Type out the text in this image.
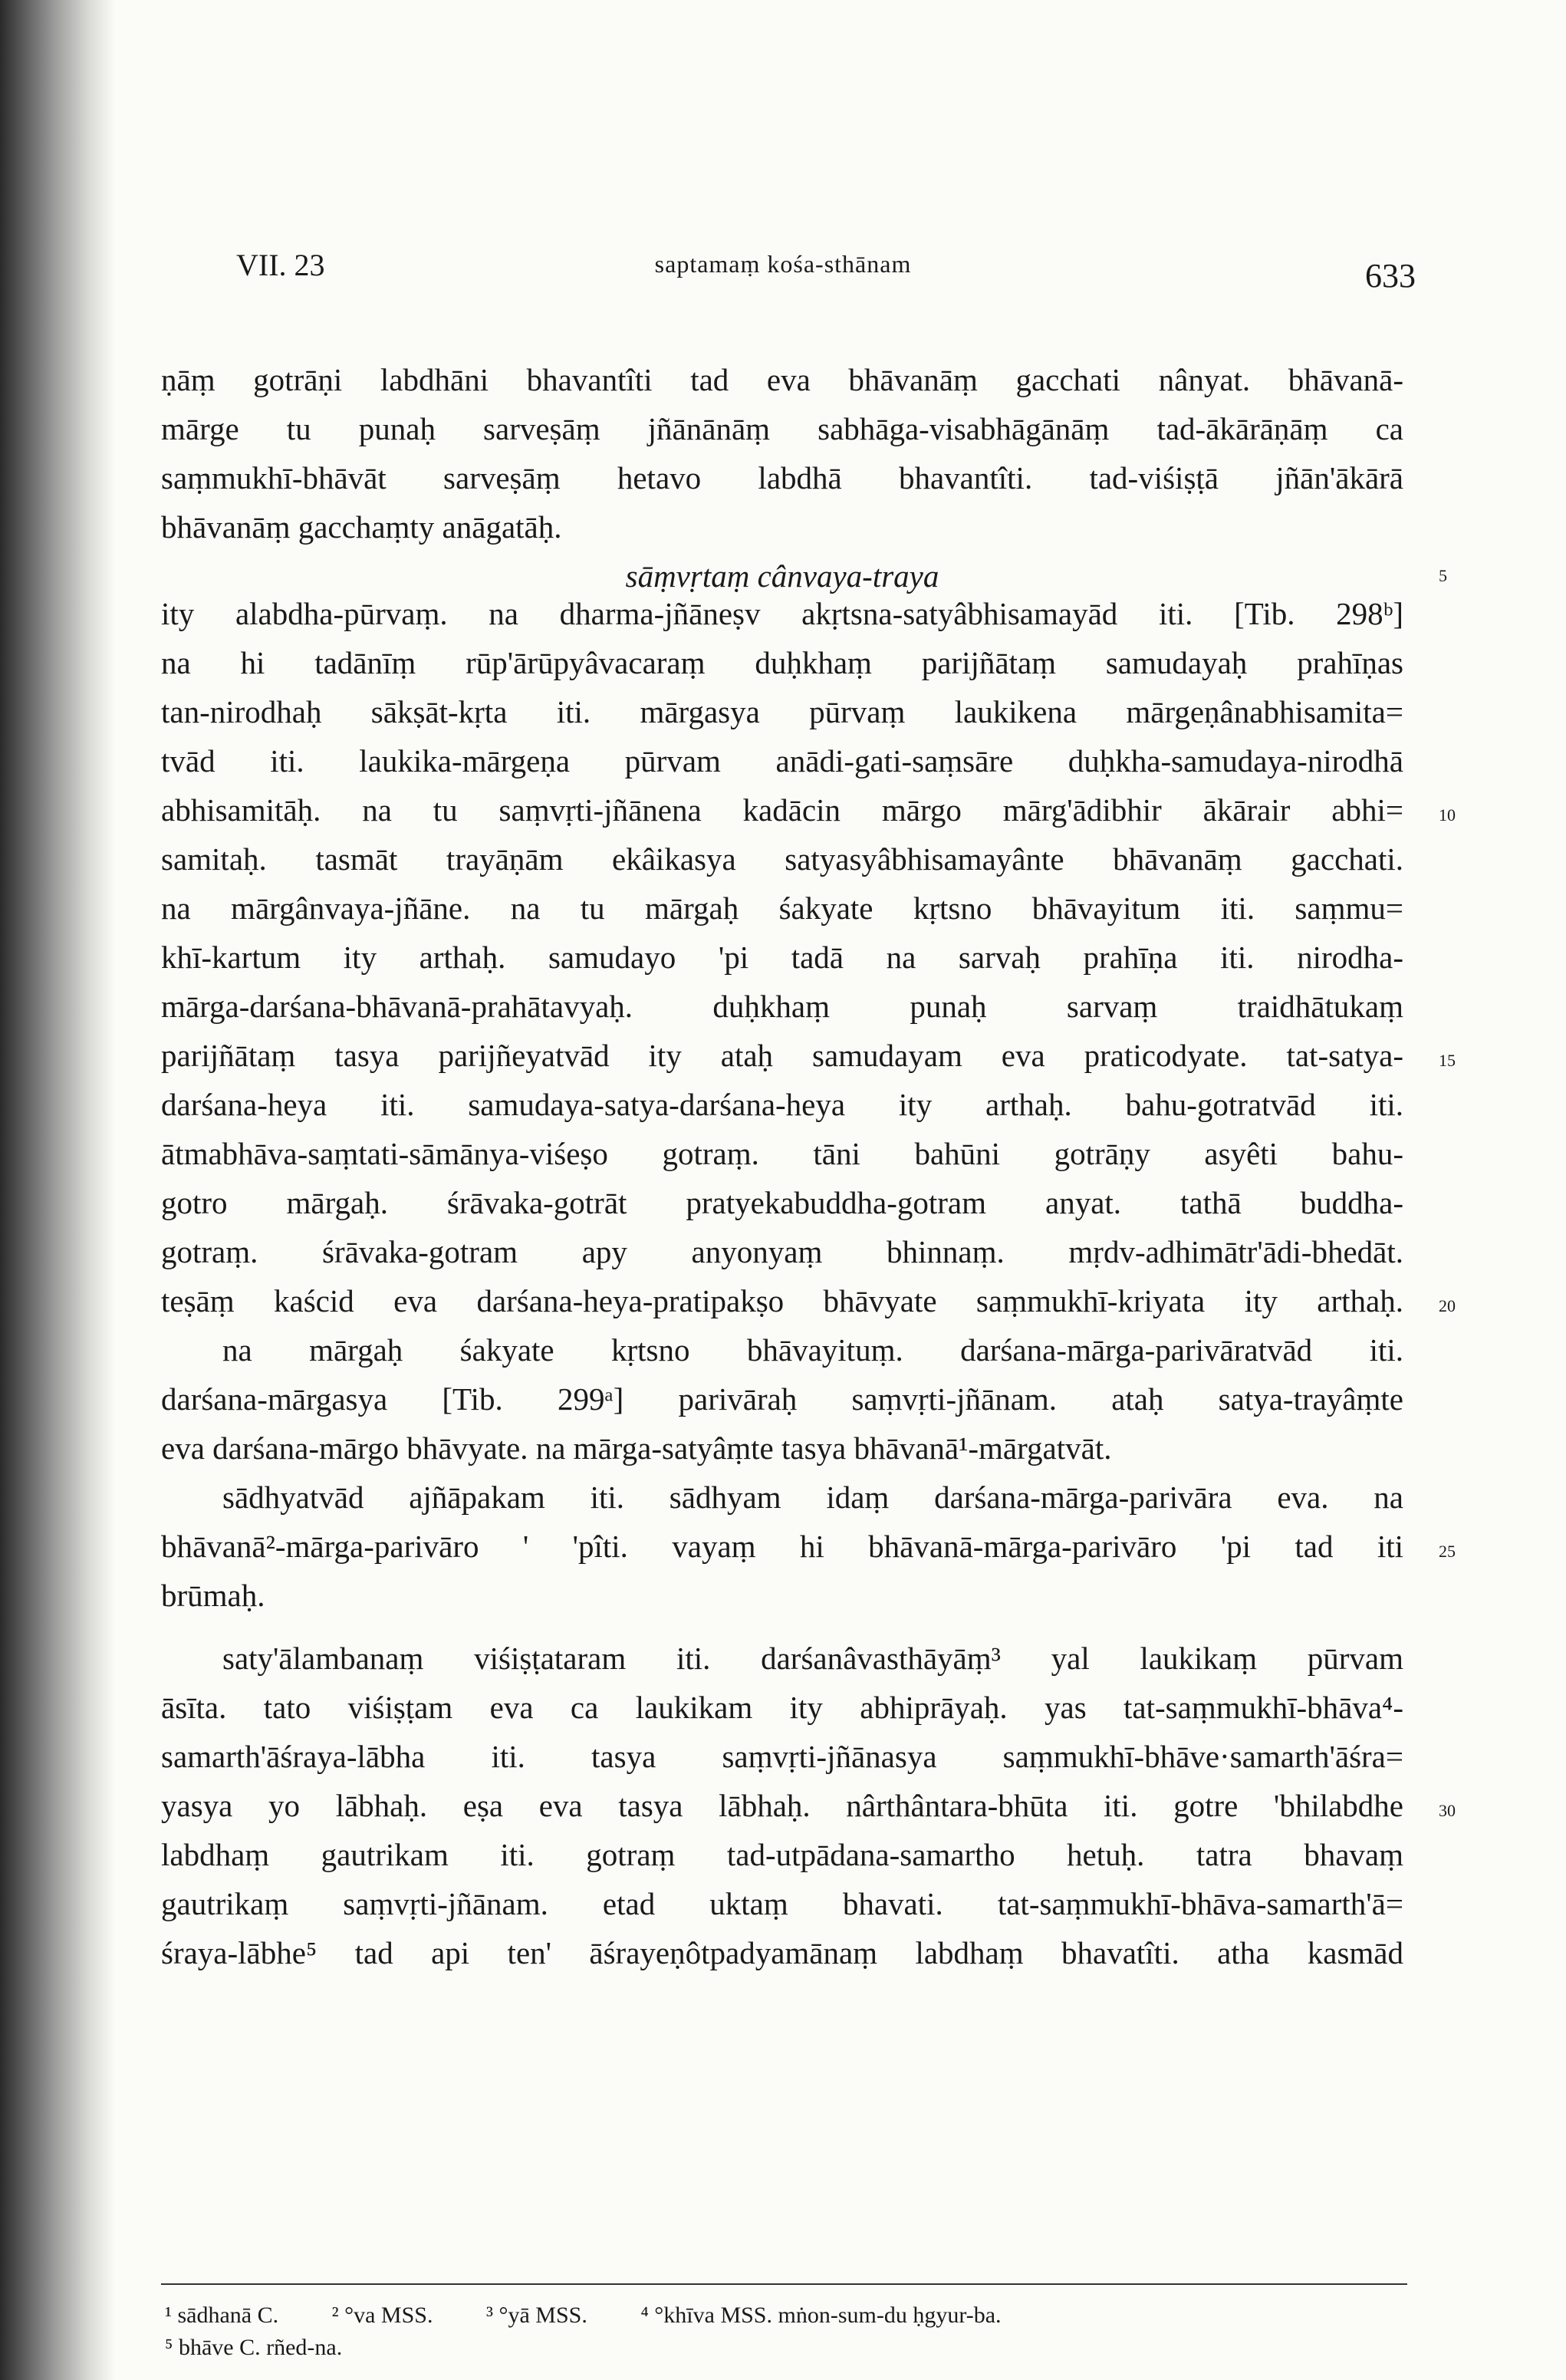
VII. 23	saptamaṃ kośa-sthānam	633
ṇāṃ gotrāṇi labdhāni bhavantîti tad eva bhāvanāṃ gacchati nânyat. bhāvanā-
mārge tu punaḥ sarveṣāṃ jñānānāṃ sabhāga-visabhāgānāṃ tad-ākārāṇāṃ ca
saṃmukhī-bhāvāt sarveṣāṃ hetavo labdhā bhavantîti. tad-viśiṣṭā jñān'ākārā
bhāvanāṃ gacchaṃty anāgatāḥ.
sāṃvṛtaṃ cânvaya-traya
ity alabdha-pūrvaṃ. na dharma-jñāneṣv akṛtsna-satyâbhisamayād iti. [Tib. 298ᵇ]
na hi tadānīṃ rūp'ārūpyâvacaraṃ duḥkhaṃ parijñātaṃ samudayaḥ prahīṇas
tan-nirodhaḥ sākṣāt-kṛta iti. mārgasya pūrvaṃ laukikena mārgeṇânabhisamita=
tvād iti. laukika-mārgeṇa pūrvam anādi-gati-saṃsāre duḥkha-samudaya-nirodhā
abhisamitāḥ. na tu saṃvṛti-jñānena kadācin mārgo mārg'ādibhir ākārair abhi=
samitaḥ. tasmāt trayāṇām ekâikasya satyasyâbhisamayânte bhāvanāṃ gacchati.
na mārgânvaya-jñāne. na tu mārgaḥ śakyate kṛtsno bhāvayitum iti. saṃmu=
khī-kartum ity arthaḥ. samudayo 'pi tadā na sarvaḥ prahīṇa iti. nirodha-
mārga-darśana-bhāvanā-prahātavyaḥ. duḥkhaṃ punaḥ sarvaṃ traidhātukaṃ
parijñātaṃ tasya parijñeyatvād ity ataḥ samudayam eva praticodyate. tat-satya-
darśana-heya iti. samudaya-satya-darśana-heya ity arthaḥ. bahu-gotratvād iti.
ātmabhāva-saṃtati-sāmānya-viśeṣo gotraṃ. tāni bahūni gotrāṇy asyêti bahu-
gotro mārgaḥ. śrāvaka-gotrāt pratyekabuddha-gotram anyat. tathā buddha-
gotraṃ. śrāvaka-gotram apy anyonyaṃ bhinnaṃ. mṛdv-adhimātr'ādi-bhedāt.
teṣāṃ kaścid eva darśana-heya-pratipakṣo bhāvyate saṃmukhī-kriyata ity arthaḥ.
na mārgaḥ śakyate kṛtsno bhāvayituṃ. darśana-mārga-parivāratvād iti.
darśana-mārgasya [Tib. 299ᵃ] parivāraḥ saṃvṛti-jñānam. ataḥ satya-trayâṃte
eva darśana-mārgo bhāvyate. na mārga-satyâṃte tasya bhāvanā¹-mārgatvāt.
sādhyatvād ajñāpakam iti. sādhyam idaṃ darśana-mārga-parivāra eva. na
bhāvanā²-mārga-parivāro ' 'pîti. vayaṃ hi bhāvanā-mārga-parivāro 'pi tad iti
brūmaḥ.
saty'ālambanaṃ viśiṣṭataram iti. darśanâvasthāyāṃ³ yal laukikaṃ pūrvam
āsīta. tato viśiṣṭam eva ca laukikam ity abhiprāyaḥ. yas tat-saṃmukhī-bhāva⁴-
samarth'āśraya-lābha iti. tasya saṃvṛti-jñānasya saṃmukhī-bhāve·samarth'āśra=
yasya yo lābhaḥ. eṣa eva tasya lābhaḥ. nârthântara-bhūta iti. gotre 'bhilabdhe
labdhaṃ gautrikam iti. gotraṃ tad-utpādana-samartho hetuḥ. tatra bhavaṃ
gautrikaṃ saṃvṛti-jñānam. etad uktaṃ bhavati. tat-saṃmukhī-bhāva-samarth'ā=
śraya-lābhe⁵ tad api ten' āśrayeṇôtpadyamānaṃ labdhaṃ bhavatîti. atha kasmād
5
10
15
20
25
30
¹ sādhanā C. ² °va MSS. ³ °yā MSS. ⁴ °khīva MSS. mṅon-sum-du ḥgyur-ba.
⁵ bhāve C. rñed-na.
